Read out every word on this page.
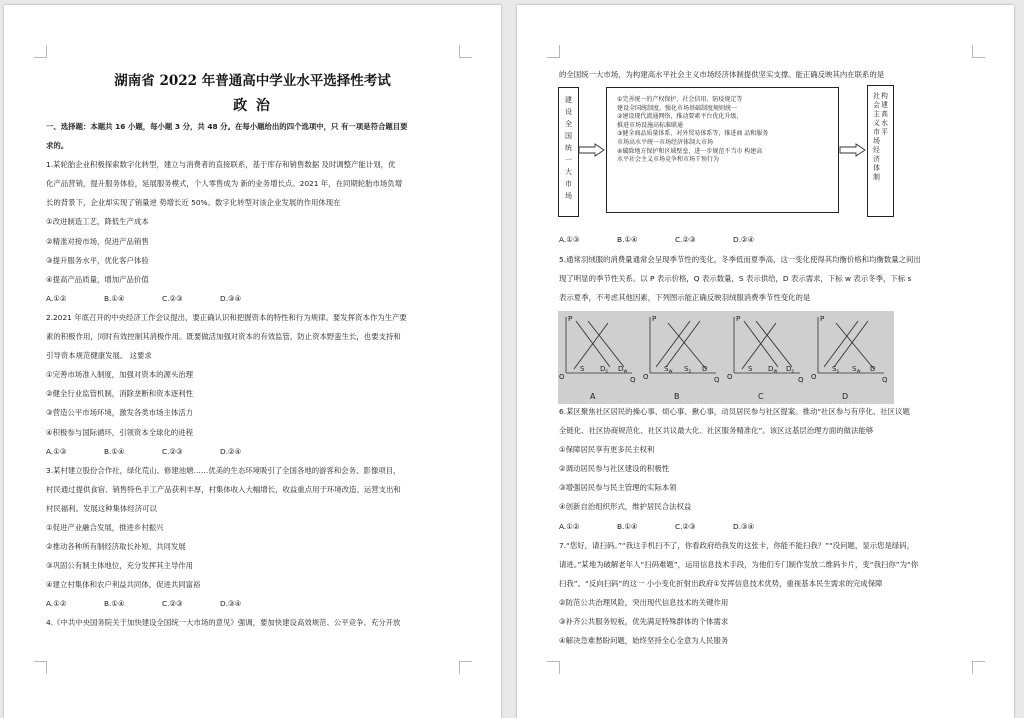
湖南省 2022 年普通高中学业水平选择性考试
政 治

一、选择题：本题共 16 小题，每小题 3 分，共 48 分。在每小题给出的四个选项中，只 有一项是符合题目要

求的。

1.某轮胎企业积极探索数字化转型，建立与消费者的直接联系，基于库存和销售数据 及时调整产能计划，优

化产品营销，提升服务体验，延展服务模式，个人零售成为 新的业务增长点。2021 年，在同期轮胎市场负增

长的背景下，企业却实现了销量逆 势增长近 50%。数字化转型对该企业发展的作用体现在

①改进制造工艺，降低生产成本

②精准对接市场，促进产品销售

③提升服务水平，优化客户体验

④提高产品质量，增加产品价值

A.①②	B.①④	C.②③	D.③④

2.2021 年底召开的中央经济工作会议提出，要正确认识和把握资本的特性和行为规律。要发挥资本作为生产要

素的积极作用，同时有效控制其消极作用。既要做活加强对资本的有效监管，防止资本野蛮生长，也要支持和

引导资本规范健康发展。 这要求

①完善市场准入制度，加强对资本的源头治理

②健全行业监管机制，消除垄断和资本逐利性

③营造公平市场环境，激发各类市场主体活力

④积极参与国际循环，引领资本全球化的进程

A.①③	B.①④	C.②③	D.②④

3.某村建立股份合作社，绿化荒山、修建池塘……优美的生态环境吸引了全国各地的游客和会务、影像项目，

村民通过提供食宿、销售特色手工产品获利丰厚，村集体收入大幅增长，收益重点用于环境改造、运营支出和

村民福利。发展这种集体经济可以

①促进产业融合发展，推进乡村振兴

②推动各种所有制经济取长补短、共同发展

③巩固公有制主体地位，充分发挥其主导作用

④建立村集体和农户利益共同体，促进共同富裕

A.①②	B.①④	C.②③	D.③④

4.《中共中央国务院关于加快建设全国统一大市场的意见》强调，要加快建设高效规范、公平竞争、充分开放

的全国统一大市场，为构建高水平社会主义市场经济体制提供坚实支撑。能正确反映其内在联系的是

建设全国统一大市场
①完善统一的产权保护、社会信用、防疫规定等
建设全国统制度，强化市场基础制度规则统一
②建设现代流通网络，推动要素平台优化升级，
推进市场设施高标准联通
③健全商品质量体系、对外贸易体系等，推进商 品和服务
市场高水平统一市场经济体制大市场
④破除地方保护和区域壁垒，进一步规范不当市 构建高
水平社会主义市场竞争和市场干预行为
构建高水平
社会主义市场经济体制

A.①③	B.①④	C.②③	D.②④

5.通常羽绒服的消费量通常会呈现季节性的变化，冬季低而夏季高，这一变化使得其均衡价格和均衡数量之间出

现了明显的季节性关系。以 P 表示价格，Q 表示数量，S 表示供给，D 表示需求，下标 w 表示冬季，下标 s

表示夏季，不考虑其他因素，下列图示能正确反映羽绒服消费季节性变化的是

P
Q
O
S $D_s$ $D_w$
A
P
Q
O
$S_w$ $S_s$ D
B
P
Q
O
S $D_w$ $D_s$
C
P
Q
O
$S_s$ $S_w$ D
D

6.某区聚焦社区居民的操心事、烦心事、揪心事，动员居民参与社区提案。推动“社区参与有序化、社区议题

全链化、社区协商规范化、社区共议最大化、社区服务精准化”。该区这基层治理方面的做法能够

①保障居民享有更多民主权利

②调动居民参与社区建设的积极性

③增强居民参与民主管理的实际本领

④创新自治组织形式，维护居民合法权益

A.①②	B.①④	C.②③	D.③④

7.“您好，请扫码。”“我这手机扫不了，你看政府给我发的这张卡，你能不能扫我？”“没问题，显示您是绿码，

请进。”某地为破解老年人“扫码难题”，运用信息技术手段，为他们专门制作发放二维码卡片，变“我扫你”为“你

扫我”。“反向扫码”的这一 小小变化折射出政府①发挥信息技术优势，重视基本民生需求的完成保障

②防范公共治理风险，突出现代信息技术的关键作用

③补齐公共服务短板，优先满足特殊群体的个体需求

④解决急难愁盼问题，始终坚持全心全意为人民服务
